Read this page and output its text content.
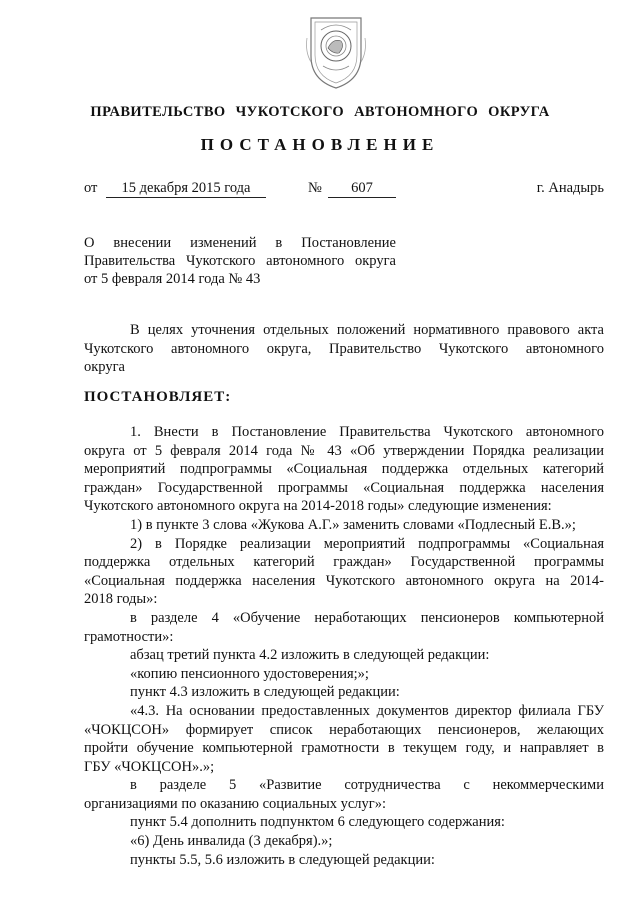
ПРАВИТЕЛЬСТВО ЧУКОТСКОГО АВТОНОМНОГО ОКРУГА
ПОСТАНОВЛЕНИЕ
от	15 декабря 2015 года	№	607	г. Анадырь
О внесении изменений в Постановление
Правительства Чукотского автономного округа
от 5 февраля 2014 года № 43

В целях уточнения отдельных положений нормативного правового акта

Чукотского автономного округа, Правительство Чукотского автономного

округа

ПОСТАНОВЛЯЕТ:

1. Внести в Постановление Правительства Чукотского автономного

округа от 5 февраля 2014 года № 43 «Об утверждении Порядка реализации

мероприятий подпрограммы «Социальная поддержка отдельных категорий

граждан» Государственной программы «Социальная поддержка населения

Чукотского автономного округа на 2014-2018 годы» следующие изменения:

1) в пункте 3 слова «Жукова А.Г.» заменить словами «Подлесный Е.В.»;

2) в Порядке реализации мероприятий подпрограммы «Социальная

поддержка отдельных категорий граждан» Государственной программы

«Социальная поддержка населения Чукотского автономного округа на 2014-

2018 годы»:

в разделе 4 «Обучение неработающих пенсионеров компьютерной

грамотности»:

абзац третий пункта 4.2 изложить в следующей редакции:

«копию пенсионного удостоверения;»;

пункт 4.3 изложить в следующей редакции:

«4.3. На основании предоставленных документов директор филиала ГБУ

«ЧОКЦСОН» формирует список неработающих пенсионеров, желающих

пройти обучение компьютерной грамотности в текущем году, и направляет в

ГБУ «ЧОКЦСОН».»;

в разделе 5 «Развитие сотрудничества с некоммерческими

организациями по оказанию социальных услуг»:

пункт 5.4 дополнить подпунктом 6 следующего содержания:

«6) День инвалида (3 декабря).»;

пункты 5.5, 5.6 изложить в следующей редакции:
